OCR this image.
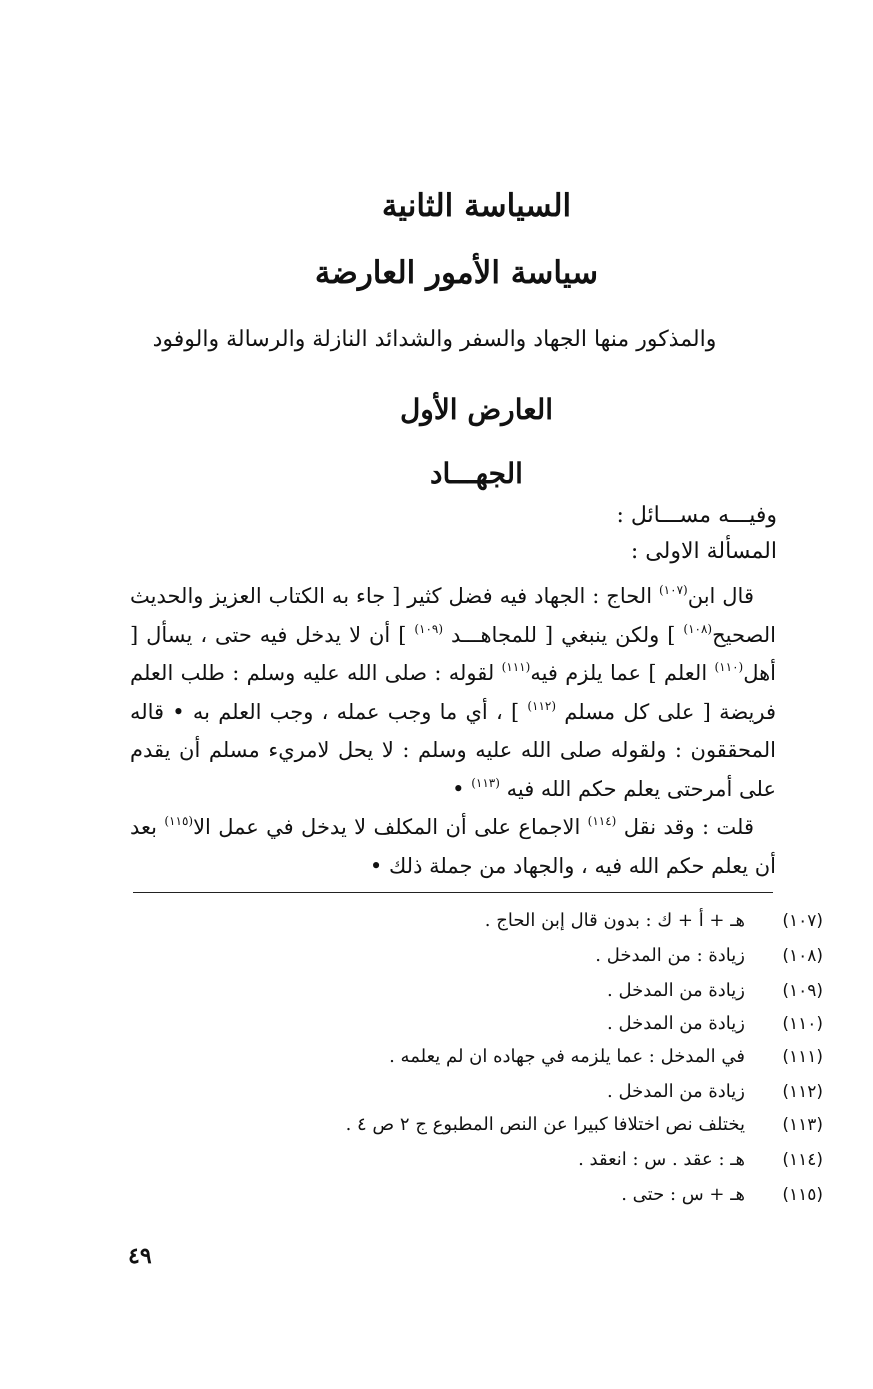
السياسة الثانية
سياسة الأمور العارضة
والمذكور منها الجهاد والسفر والشدائد النازلة والرسالة والوفود
العارض الأول
الجهـــاد
وفيـــه مســـائل :
المسألة الاولى :

قال ابن$^{(١٠٧)}$ الحاج : الجهاد فيه فضل كثير [ جاء به الكتاب العزيز والحديث الصحيح$^{(١٠٨)}$ ] ولكن ينبغي [ للمجاهـــد $^{(١٠٩)}$ ] أن لا يدخل فيه حتى ، يسأل [ أهل$^{(١١٠)}$ العلم ] عما يلزم فيه$^{(١١١)}$ لقوله : صلى الله عليه وسلم : طلب العلم فريضة [ على كل مسلم $^{(١١٢)}$ ] ، أي ما وجب عمله ، وجب العلم به • قاله المحققون : ولقوله صلى الله عليه وسلم : لا يحل لامريء مسلم أن يقدم على أمرحتى يعلم حكم الله فيه $^{(١١٣)}$ •

قلت : وقد نقل $^{(١١٤)}$ الاجماع على أن المكلف لا يدخل في عمل الا$^{(١١٥)}$ بعد أن يعلم حكم الله فيه ، والجهاد من جملة ذلك •

(١٠٧)
هـ + أ + ك : بدون قال إبن الحاج .
(١٠٨)
زيادة : من المدخل .
(١٠٩)
زيادة من المدخل .
(١١٠)
زيادة من المدخل .
(١١١)
في المدخل : عما يلزمه في جهاده ان لم يعلمه .
(١١٢)
زيادة من المدخل .
(١١٣)
يختلف نص اختلافا كبيرا عن النص المطبوع ج ٢ ص ٤ .
(١١٤)
هـ : عقد . س : انعقد .
(١١٥)
هـ + س : حتى .
٤٩
